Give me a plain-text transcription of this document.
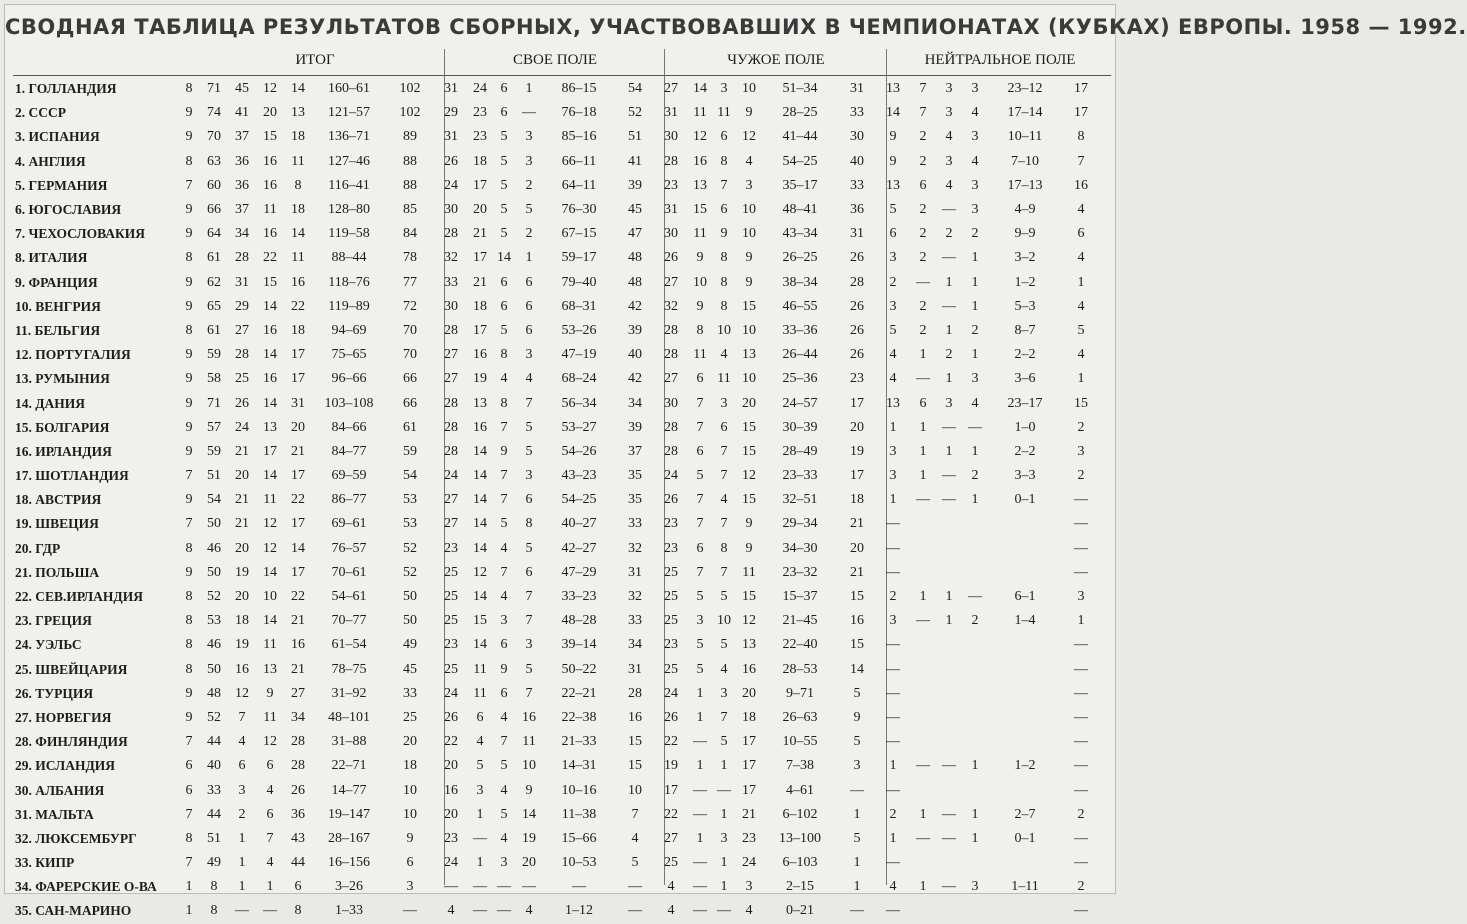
СВОДНАЯ ТАБЛИЦА РЕЗУЛЬТАТОВ СБОРНЫХ, УЧАСТВОВАВШИХ В ЧЕМПИОНАТАХ (КУБКАХ) ЕВРОПЫ. 1958 — 1992.
ИТОГ	СВОЕ ПОЛЕ	ЧУЖОЕ ПОЛЕ	НЕЙТРАЛЬНОЕ ПОЛЕ
1. ГОЛЛАНДИЯ	8	71	45	12	14	160–61	102	31	24	6	1	86–15	54	27	14	3	10	51–34	31	13	7	3	3	23–12	17
2. СССР	9	74	41	20	13	121–57	102	29	23	6	—	76–18	52	31	11	11	9	28–25	33	14	7	3	4	17–14	17
3. ИСПАНИЯ	9	70	37	15	18	136–71	89	31	23	5	3	85–16	51	30	12	6	12	41–44	30	9	2	4	3	10–11	8
4. АНГЛИЯ	8	63	36	16	11	127–46	88	26	18	5	3	66–11	41	28	16	8	4	54–25	40	9	2	3	4	7–10	7
5. ГЕРМАНИЯ	7	60	36	16	8	116–41	88	24	17	5	2	64–11	39	23	13	7	3	35–17	33	13	6	4	3	17–13	16
6. ЮГОСЛАВИЯ	9	66	37	11	18	128–80	85	30	20	5	5	76–30	45	31	15	6	10	48–41	36	5	2	—	3	4–9	4
7. ЧЕХОСЛОВАКИЯ	9	64	34	16	14	119–58	84	28	21	5	2	67–15	47	30	11	9	10	43–34	31	6	2	2	2	9–9	6
8. ИТАЛИЯ	8	61	28	22	11	88–44	78	32	17	14	1	59–17	48	26	9	8	9	26–25	26	3	2	—	1	3–2	4
9. ФРАНЦИЯ	9	62	31	15	16	118–76	77	33	21	6	6	79–40	48	27	10	8	9	38–34	28	2	—	1	1	1–2	1
10. ВЕНГРИЯ	9	65	29	14	22	119–89	72	30	18	6	6	68–31	42	32	9	8	15	46–55	26	3	2	—	1	5–3	4
11. БЕЛЬГИЯ	8	61	27	16	18	94–69	70	28	17	5	6	53–26	39	28	8	10	10	33–36	26	5	2	1	2	8–7	5
12. ПОРТУГАЛИЯ	9	59	28	14	17	75–65	70	27	16	8	3	47–19	40	28	11	4	13	26–44	26	4	1	2	1	2–2	4
13. РУМЫНИЯ	9	58	25	16	17	96–66	66	27	19	4	4	68–24	42	27	6	11	10	25–36	23	4	—	1	3	3–6	1
14. ДАНИЯ	9	71	26	14	31	103–108	66	28	13	8	7	56–34	34	30	7	3	20	24–57	17	13	6	3	4	23–17	15
15. БОЛГАРИЯ	9	57	24	13	20	84–66	61	28	16	7	5	53–27	39	28	7	6	15	30–39	20	1	1	—	—	1–0	2
16. ИРЛАНДИЯ	9	59	21	17	21	84–77	59	28	14	9	5	54–26	37	28	6	7	15	28–49	19	3	1	1	1	2–2	3
17. ШОТЛАНДИЯ	7	51	20	14	17	69–59	54	24	14	7	3	43–23	35	24	5	7	12	23–33	17	3	1	—	2	3–3	2
18. АВСТРИЯ	9	54	21	11	22	86–77	53	27	14	7	6	54–25	35	26	7	4	15	32–51	18	1	—	—	1	0–1	—
19. ШВЕЦИЯ	7	50	21	12	17	69–61	53	27	14	5	8	40–27	33	23	7	7	9	29–34	21	—					—
20. ГДР	8	46	20	12	14	76–57	52	23	14	4	5	42–27	32	23	6	8	9	34–30	20	—					—
21. ПОЛЬША	9	50	19	14	17	70–61	52	25	12	7	6	47–29	31	25	7	7	11	23–32	21	—					—
22. СЕВ.ИРЛАНДИЯ	8	52	20	10	22	54–61	50	25	14	4	7	33–23	32	25	5	5	15	15–37	15	2	1	1	—	6–1	3
23. ГРЕЦИЯ	8	53	18	14	21	70–77	50	25	15	3	7	48–28	33	25	3	10	12	21–45	16	3	—	1	2	1–4	1
24. УЭЛЬС	8	46	19	11	16	61–54	49	23	14	6	3	39–14	34	23	5	5	13	22–40	15	—					—
25. ШВЕЙЦАРИЯ	8	50	16	13	21	78–75	45	25	11	9	5	50–22	31	25	5	4	16	28–53	14	—					—
26. ТУРЦИЯ	9	48	12	9	27	31–92	33	24	11	6	7	22–21	28	24	1	3	20	9–71	5	—					—
27. НОРВЕГИЯ	9	52	7	11	34	48–101	25	26	6	4	16	22–38	16	26	1	7	18	26–63	9	—					—
28. ФИНЛЯНДИЯ	7	44	4	12	28	31–88	20	22	4	7	11	21–33	15	22	—	5	17	10–55	5	—					—
29. ИСЛАНДИЯ	6	40	6	6	28	22–71	18	20	5	5	10	14–31	15	19	1	1	17	7–38	3	1	—	—	1	1–2	—
30. АЛБАНИЯ	6	33	3	4	26	14–77	10	16	3	4	9	10–16	10	17	—	—	17	4–61	—	—					—
31. МАЛЬТА	7	44	2	6	36	19–147	10	20	1	5	14	11–38	7	22	—	1	21	6–102	1	2	1	—	1	2–7	2
32. ЛЮКСЕМБУРГ	8	51	1	7	43	28–167	9	23	—	4	19	15–66	4	27	1	3	23	13–100	5	1	—	—	1	0–1	—
33. КИПР	7	49	1	4	44	16–156	6	24	1	3	20	10–53	5	25	—	1	24	6–103	1	—					—
34. ФАРЕРСКИЕ О-ВА	1	8	1	1	6	3–26	3	—	—	—	—	—	—	4	—	1	3	2–15	1	4	1	—	3	1–11	2
35. САН-МАРИНО	1	8	—	—	8	1–33	—	4	—	—	4	1–12	—	4	—	—	4	0–21	—	—					—
